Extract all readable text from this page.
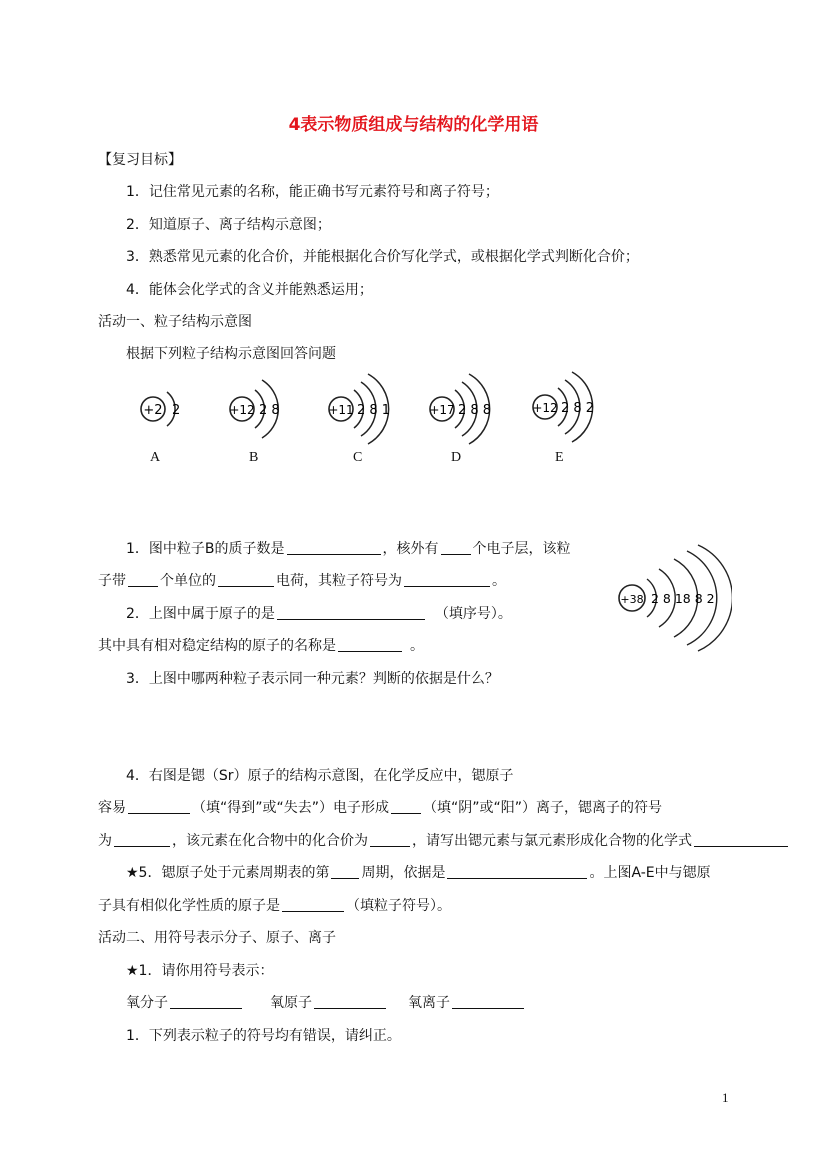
4表示物质组成与结构的化学用语
【复习目标】
1．记住常见元素的名称，能正确书写元素符号和离子符号；
2．知道原子、离子结构示意图；
3．熟悉常见元素的化合价，并能根据化合价写化学式，或根据化学式判断化合价；
4．能体会化学式的含义并能熟悉运用；
活动一、粒子结构示意图
根据下列粒子结构示意图回答问题
+2 2	+12 2 8	+11 2 8 1	+17 2 8 8	+12 2 8 2
A	B	C	D	E
+38 2 8 18 8 2
1．图中粒子B的质子数是	，核外有 个电子层，该粒
子带 个单位的	电荷，其粒子符号为	。
2．上图中属于原子的是	（填序号）。
其中具有相对稳定结构的原子的名称是	。
3．上图中哪两种粒子表示同一种元素？判断的依据是什么？
4．右图是锶（Sr）原子的结构示意图，在化学反应中，锶原子
容易	（填“得到”或“失去”）电子形成 （填“阴”或“阳”）离子，锶离子的符号
为	，该元素在化合物中的化合价为	，请写出锶元素与氯元素形成化合物的化学式
★5．锶原子处于元素周期表的第 周期，依据是	。上图A-E中与锶原
子具有相似化学性质的原子是	（填粒子符号）。
活动二、用符号表示分子、原子、离子
★1．请你用符号表示：
氧分子	氧原子	氧离子
1．下列表示粒子的符号均有错误，请纠正。
1
